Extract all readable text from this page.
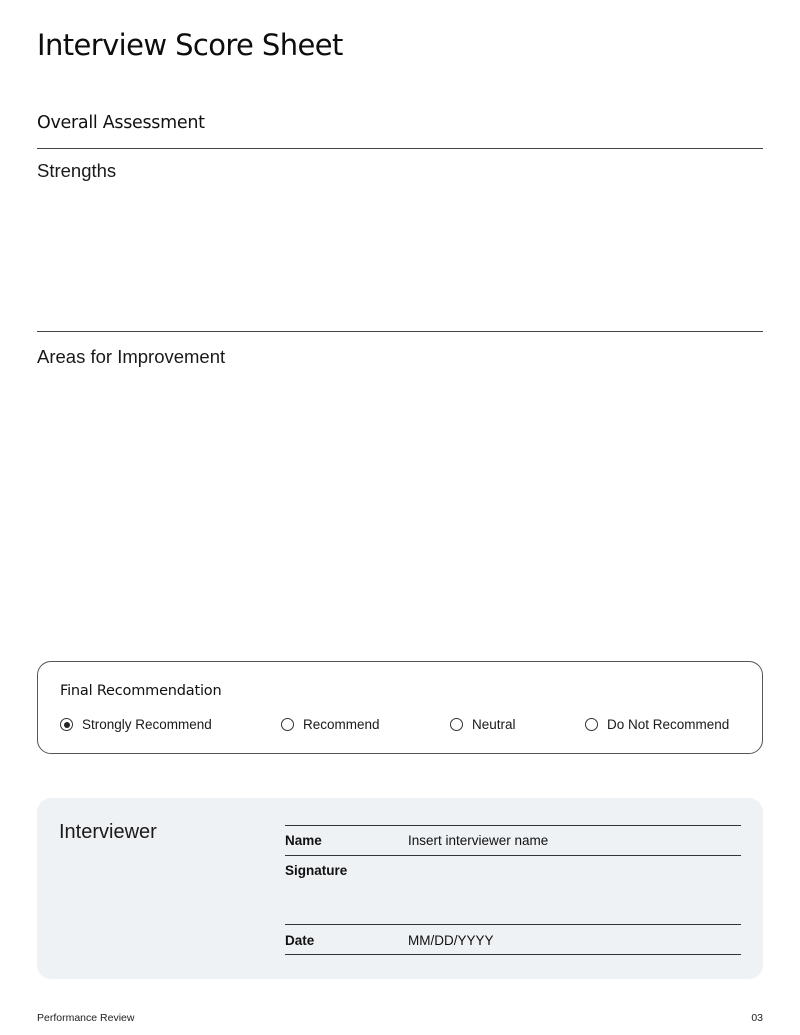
Interview Score Sheet
Overall Assessment
Strengths
Areas for Improvement
Final Recommendation
Strongly Recommend	Recommend	Neutral	Do Not Recommend
Interviewer	Name	Insert interviewer name
Signature
Date	MM/DD/YYYY
Performance Review	03
